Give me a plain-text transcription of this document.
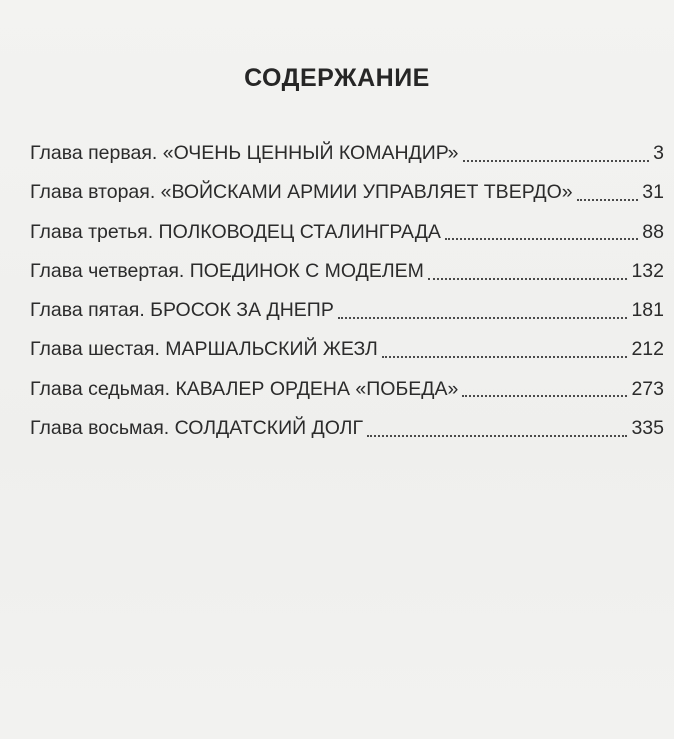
СОДЕРЖАНИЕ
Глава первая. «ОЧЕНЬ ЦЕННЫЙ КОМАНДИР»	3
Глава вторая. «ВОЙСКАМИ АРМИИ УПРАВЛЯЕТ ТВЕРДО»	31
Глава третья. ПОЛКОВОДЕЦ СТАЛИНГРАДА	88
Глава четвертая. ПОЕДИНОК С МОДЕЛЕМ	132
Глава пятая. БРОСОК ЗА ДНЕПР	181
Глава шестая. МАРШАЛЬСКИЙ ЖЕЗЛ	212
Глава седьмая. КАВАЛЕР ОРДЕНА «ПОБЕДА»	273
Глава восьмая. СОЛДАТСКИЙ ДОЛГ	335
